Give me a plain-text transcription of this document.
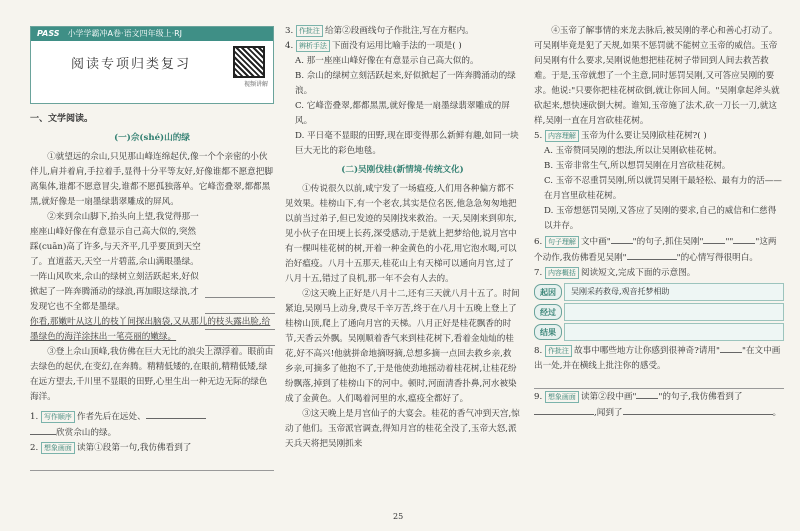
PASS 小学学霸冲A卷·语文四年级上·RJ
阅读专项归类复习
视频讲解
一、文学阅读。
(一)佘(shé)山的绿

①就望远的佘山,只见那山峰连绵起伏,像一个个亲密的小伙伴儿,肩并着肩,手拉着手,显得十分平等友好,好像谁都不愿意把脚离集体,谁都不愿意冒尖,谁都不愿孤独落单。它峰峦叠翠,都都黑黑,就好像是一扇墨绿翡翠雕成的屏风。

②来到佘山脚下,抬头向上望,我觉得那一座座山峰好像在有意显示自己高大似的,突然踩(cuān)高了许多,与天齐平,几乎要顶到天空了。直道蓝天,天空一片碧蓝,佘山满眼墨绿。一阵山风吹来,佘山的绿树立刻活跃起来,好似掀起了一阵奔腾涌动的绿浪,再加眼这绿浪,才发现它也不全都是墨绿。

你看,那嫩叶从这儿的枝丫间探出脑袋,又从那儿的枝头露出脸,给墨绿色的海洋涂抹出一笔亮丽的嫩绿。

③登上佘山顶峰,我仿佛在巨大无比的浪尖上漂浮着。眼前由去绿色的起伏,在变幻,在奔腾。精精低矮的,在眼前,精精低矮,绿在远方望去,千川里不显眼的田野,心里生出一种无边无际的绿色海洋。

1. 写作顺序 作者先后在远处、
欣赏佘山的绿。
2. 想象画面 读第①段第一句,我仿佛看到了
3. 作批注 给第②段画线句子作批注,写在方框内。
4. 辨析手法 下面没有运用比喻手法的一项是( )

A. 那一座座山峰好像在有意显示自己高大似的。

B. 佘山的绿树立刻活跃起来,好似掀起了一阵奔腾涌动的绿浪。

C. 它峰峦叠翠,都都黑黑,就好像是一扇墨绿翡翠雕成的屏风。

D. 平日毫不显眼的田野,现在即变得那么新鲜有趣,如同一块巨大无比的彩色地毯。

(二)吴刚伐桂(新情境·传统文化)

①传说很久以前,咸宁发了一场瘟疫,人们用各种偏方都不见效果。桂榜山下,有一个老农,其实是位名医,他急急匆匆地把以前当过弟子,但已发迹的吴刚找来救治。一天,吴刚来到卯东,见小伙子在田埂上长药,深受感动,于是就上把梦给他,说月宫中有一棵叫桂花树的树,开着一种金黄色的小花,用它泡水喝,可以治好瘟疫。八月十五那天,桂花山上有天梯可以通向月宫,过了八月十五,错过了良机,那一年不会有人去的。

②这天晚上正好是八月十二,还有三天就八月十五了。时间紧迫,吴刚马上动身,费尽千辛万苦,终于在八月十五晚上登上了桂榜山顶,爬上了通向月宫的天梯。八月正好是桂花飘香的时节,天香云外飘。吴刚顺着香气来到桂花树下,看着金灿灿的桂花,好不高兴!他就拼命地摘呀摘,总想多摘一点回去救乡亲,救乡亲,可摘多了他抱不了,于是他使劲地摇动着桂花树,让桂花纷纷飘落,掉到了桂榜山下的河中。顿时,河面清香扑鼻,河水被染成了金黄色。人们喝着河里的水,瘟疫全都好了。

③这天晚上是月宫仙子的大宴会。桂花的香气冲到天宫,惊动了他们。玉帝派官调查,得知月宫的桂花全没了,玉帝大怒,派天兵天将把吴刚抓来

④玉帝了解事情的来龙去脉后,被吴刚的孝心和善心打动了。可吴刚毕竟是犯了天规,如果不惩罚就不能树立玉帝的威信。玉帝问吴刚有什么要求,吴刚说他想把桂花树子带回到人间去救苦救难。于是,玉帝就想了一个主意,同时惩罚吴刚,又可答应吴刚的要求。他说:"只要你把桂花树砍倒,就让你回人间。"吴刚拿起斧头就砍起来,想快速砍倒大树。谁知,玉帝施了法术,砍一刀长一刀,就这样,吴刚一直在月宫砍桂花树。

5. 内容理解 玉帝为什么要让吴刚砍桂花树?( )

A. 玉帝赞同吴刚的想法,所以让吴刚砍桂花树。

B. 玉帝非常生气,所以想罚吴刚在月宫砍桂花树。

C. 玉帝不忍重罚吴刚,所以就罚吴刚干最轻松、最有力的活——在月宫里砍桂花树。

D. 玉帝想惩罚吴刚,又答应了吴刚的要求,自己的威信和仁慈得以并存。

6. 句子理解 文中画"	"的句子,抓住吴刚"	""	"这两个动作,我仿佛看见吴刚"	"的心情写得很明白。
7. 内容概括 阅读短文,完成下面的示意图。
起因	吴刚采药救母,观音托梦相助
经过
结果
8. 作批注 故事中哪些地方让你感到很神奇?请用"	"在文中画出一处,并在横线上批注你的感受。
9. 想象画面 读第②段中画"	"的句子,我仿佛看到了,闻到了	。
25
